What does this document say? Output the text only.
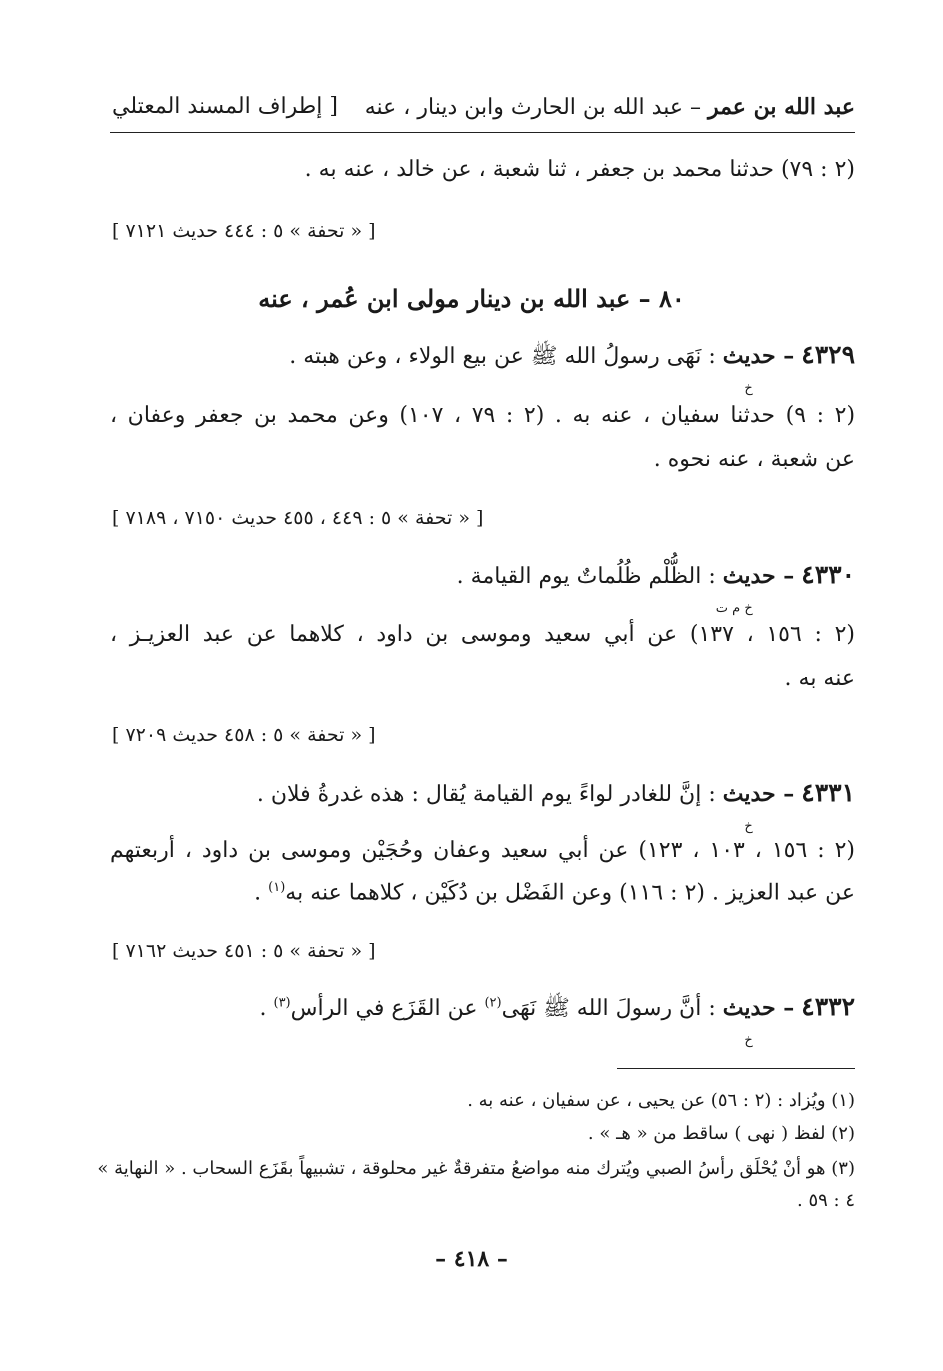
عبد الله بن عمر – عبد الله بن الحارث وابن دينار ، عنه
[ إطراف المسند المعتلي
(٢ : ٧٩) حدثنا محمد بن جعفر ، ثنا شعبة ، عن خالد ، عنه به .
[ « تحفة » ٥ : ٤٤٤ حديث ٧١٢١ ]
٨٠ – عبد الله بن دينار مولى ابن عُمر ، عنه
٤٣٢٩ – حديث
خ
: نَهَى رسولُ الله ﷺ عن بيع الولاء ، وعن هبته .
(٢ : ٩) حدثنا سفيان ، عنه به . (٢ : ٧٩ ، ١٠٧) وعن محمد بن جعفر وعفان ،
عن شعبة ، عنه نحوه .
[ « تحفة » ٥ : ٤٤٩ ، ٤٥٥ حديث ٧١٥٠ ، ٧١٨٩ ]
٤٣٣٠ – حديث
خ م ت
: الظُّلْم ظُلُماتٌ يوم القيامة .
(٢ : ١٥٦ ، ١٣٧) عن أبي سعيد وموسى بن داود ، كلاهما عن عبد العزيـز ،
عنه به .
[ « تحفة » ٥ : ٤٥٨ حديث ٧٢٠٩ ]
٤٣٣١ – حديث
خ
: إنَّ للغادر لواءً يوم القيامة يُقال : هذه غدرةُ فلان .
(٢ : ١٥٦ ، ١٠٣ ، ١٢٣) عن أبي سعيد وعفان وحُجَيْن وموسى بن داود ، أربعتهم
عن عبد العزيز . (٢ : ١١٦) وعن الفَضْل بن دُكَيْن ، كلاهما عنه به$^{(١)}$ .
[ « تحفة » ٥ : ٤٥١ حديث ٧١٦٢ ]
٤٣٣٢ – حديث
خ
: أنَّ رسولَ الله ﷺ نَهَى$^{(٢)}$ عن القَزَع في الرأس$^{(٣)}$ .
(١) ويُزاد : (٢ : ٥٦) عن يحيى ، عن سفيان ، عنه به .
(٢) لفظ ( نهى ) ساقط من « هـ » .
(٣) هو أنْ يُحْلَق رأسُ الصبي ويُترك منه مواضعُ متفرقةٌ غير محلوقة ، تشبيهاً بقَزَع السحاب . « النهاية »
٤ : ٥٩ .
– ٤١٨ –
